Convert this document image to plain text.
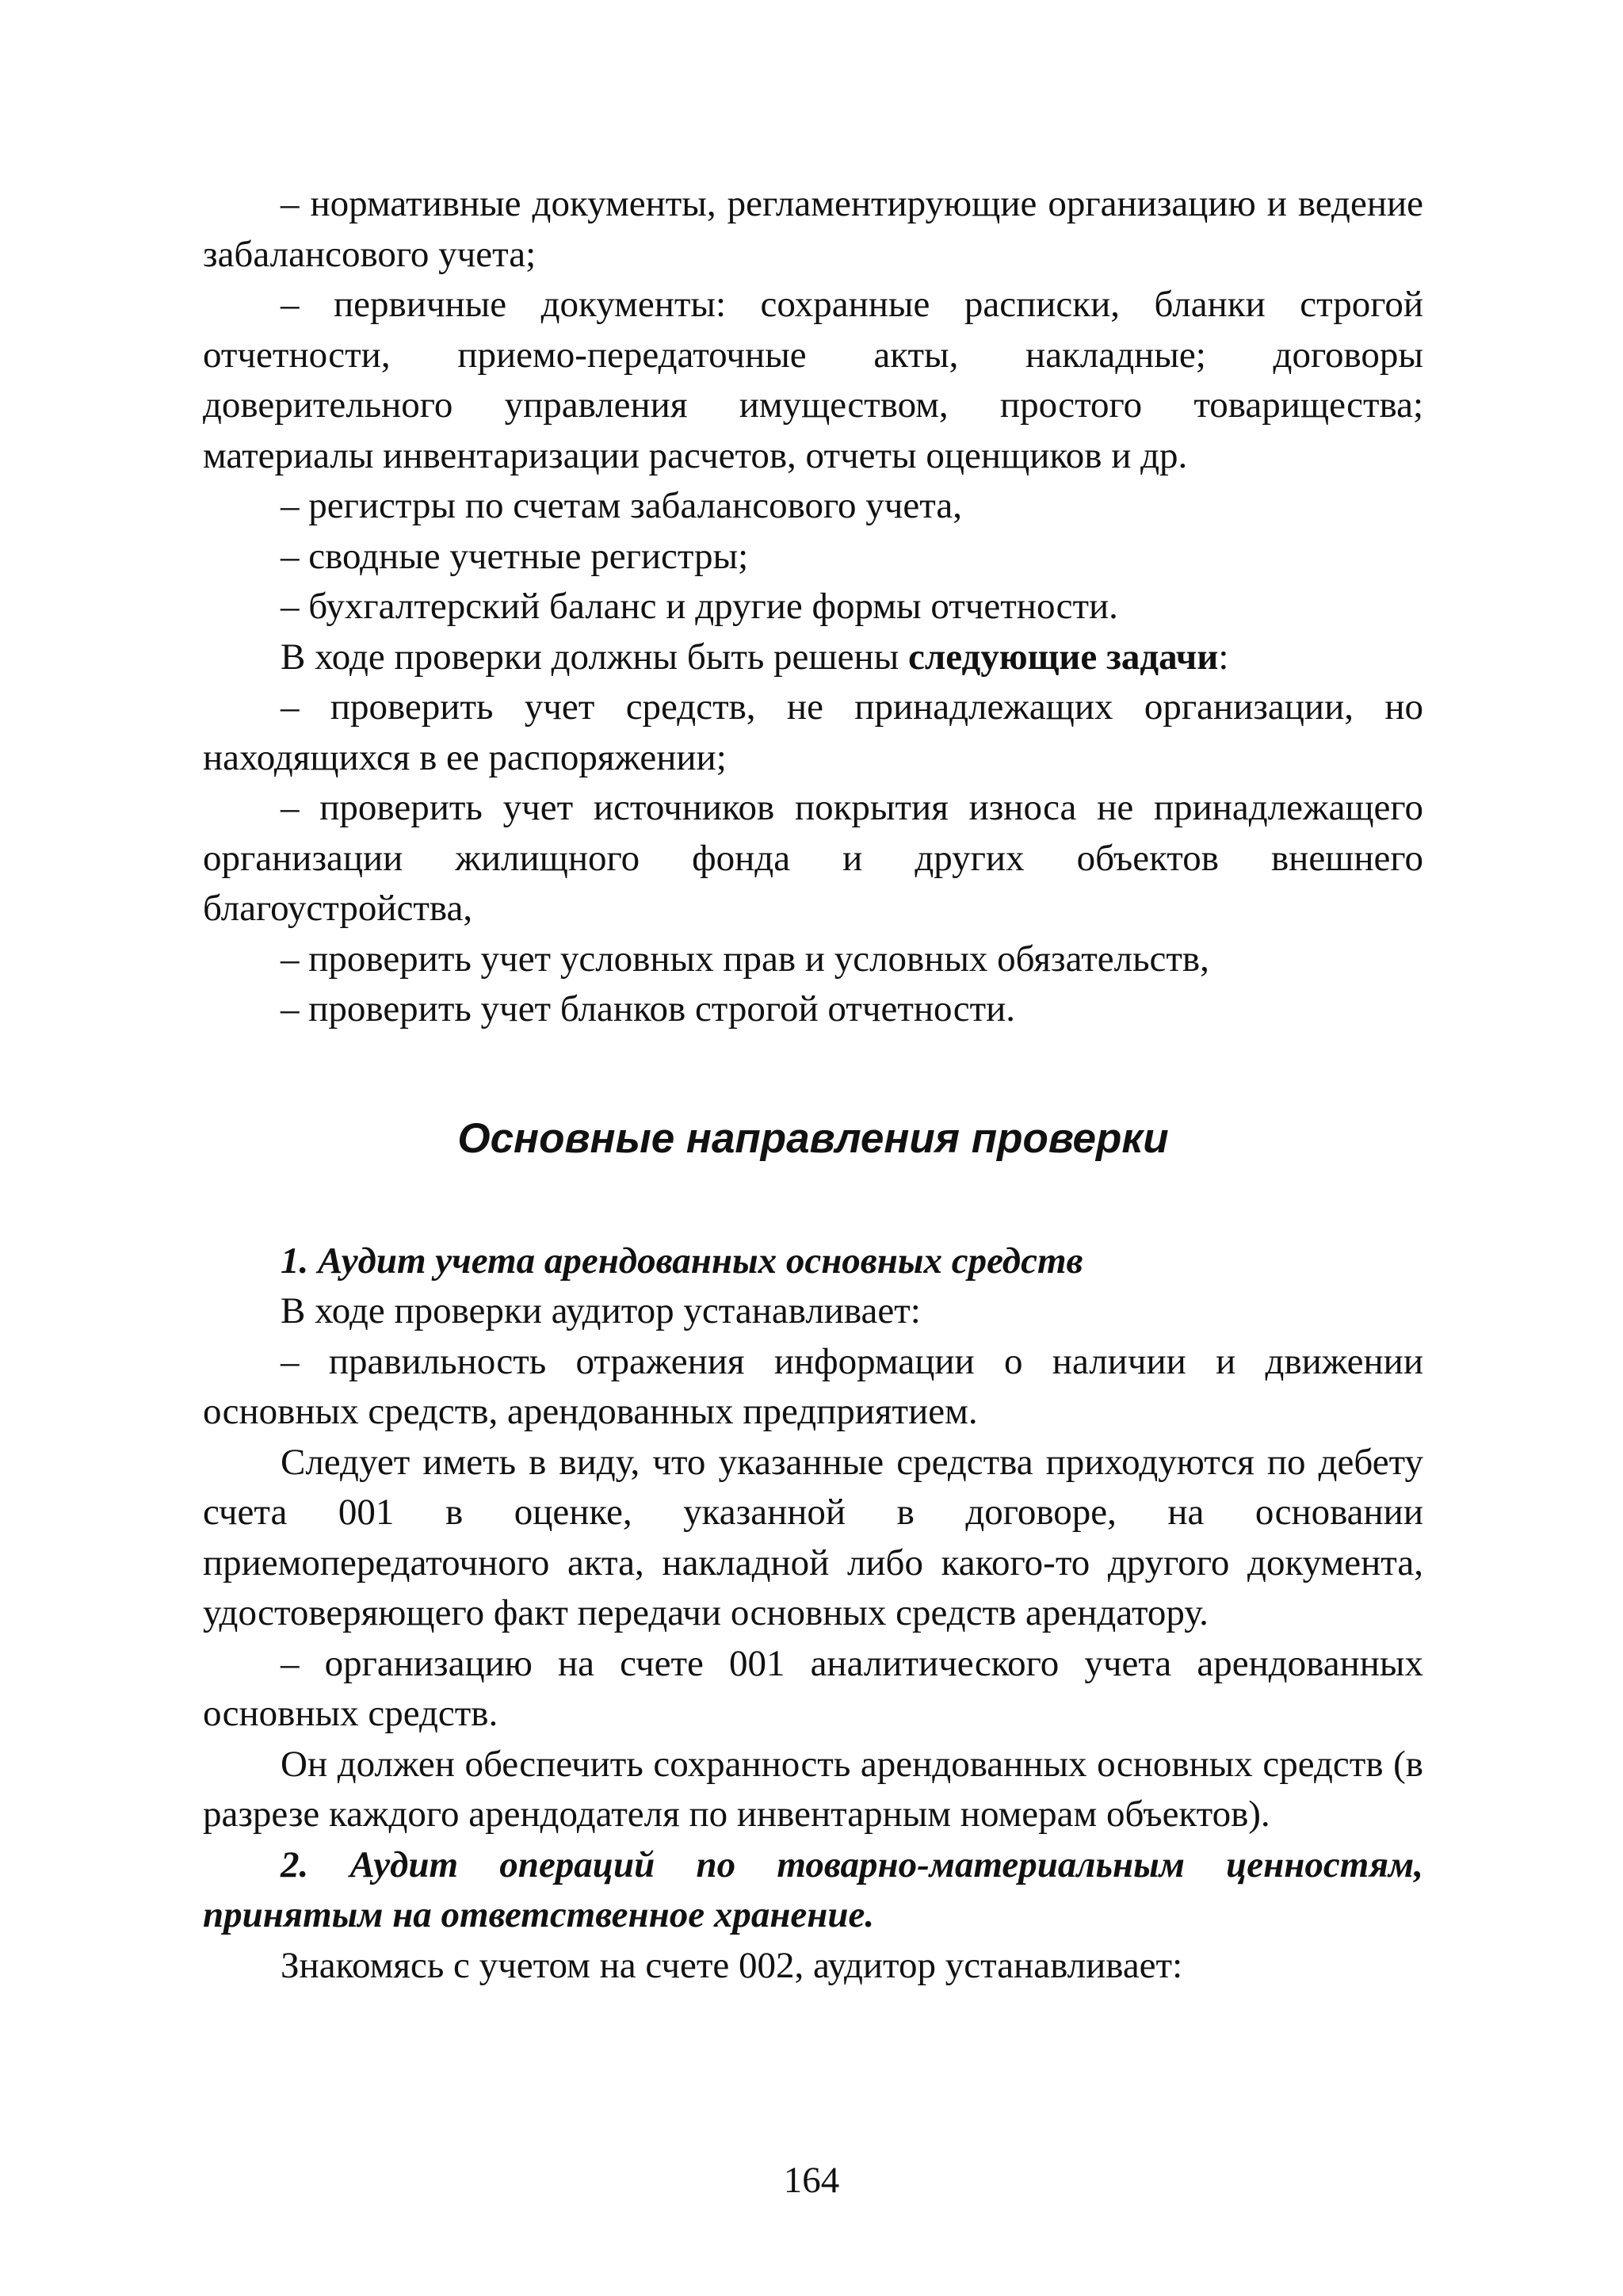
– нормативные документы, регламентирующие организацию и ведение забалансового учета;

– первичные документы: сохранные расписки, бланки строгой отчетности, приемо-передаточные акты, накладные; договоры доверительного управления имуществом, простого товарищества; материалы инвентаризации расчетов, отчеты оценщиков и др.

– регистры по счетам забалансового учета,

– сводные учетные регистры;

– бухгалтерский баланс и другие формы отчетности.

В ходе проверки должны быть решены следующие задачи:

– проверить учет средств, не принадлежащих организации, но находящихся в ее распоряжении;

– проверить учет источников покрытия износа не принадлежащего организации жилищного фонда и других объектов внешнего благоустройства,

– проверить учет условных прав и условных обязательств,

– проверить учет бланков строгой отчетности.

Основные направления проверки

1. Аудит учета арендованных основных средств

В ходе проверки аудитор устанавливает:

– правильность отражения информации о наличии и движении основных средств, арендованных предприятием.

Следует иметь в виду, что указанные средства приходуются по дебету счета 001 в оценке, указанной в договоре, на основании приемопередаточного акта, накладной либо какого-то другого документа, удостоверяющего факт передачи основных средств арендатору.

– организацию на счете 001 аналитического учета арендованных основных средств.

Он должен обеспечить сохранность арендованных основных средств (в разрезе каждого арендодателя по инвентарным номерам объектов).

2. Аудит операций по товарно-материальным ценностям, принятым на ответственное хранение.

Знакомясь с учетом на счете 002, аудитор устанавливает:

164
